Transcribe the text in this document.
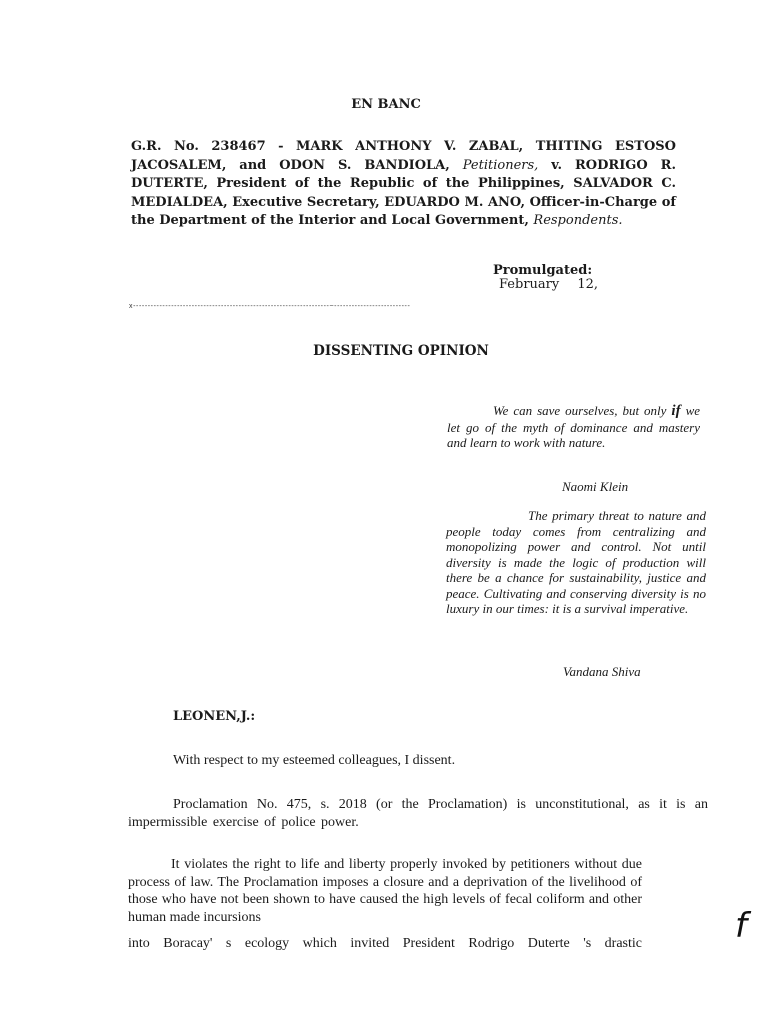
EN BANC
G.R. No. 238467 - MARK ANTHONY V. ZABAL, THITING ESTOSO JACOSALEM, and ODON S. BANDIOLA, Petitioners, v. RODRIGO R. DUTERTE, President of the Republic of the Philippines, SALVADOR C. MEDIALDEA, Executive Secretary, EDUARDO M. ANO, Officer-in-Charge of the Department of the Interior and Local Government, Respondents.
Promulgated:
February 12,
x-------------------------------------------------------------------~--------------------------
DISSENTING OPINION
We can save ourselves, but only if we let go of the myth of dominance and mastery and learn to work with nature.
Naomi Klein
The primary threat to nature and people today comes from centralizing and monopolizing power and control. Not until diversity is made the logic of production will there be a chance for sustainability, justice and peace. Cultivating and conserving diversity is no luxury in our times: it is a survival imperative.
Vandana Shiva
LEONEN,J.:
With respect to my esteemed colleagues, I dissent.
Proclamation No. 475, s. 2018 (or the Proclamation) is unconstitutional, as it is an impermissible exercise of police power.
It violates the right to life and liberty properly invoked by petitioners without due process of law. The Proclamation imposes a closure and a deprivation of the livelihood of those who have not been shown to have caused the high levels of fecal coliform and other human made incursions
into Boracay' s ecology which invited President Rodrigo Duterte 's drastic	f
